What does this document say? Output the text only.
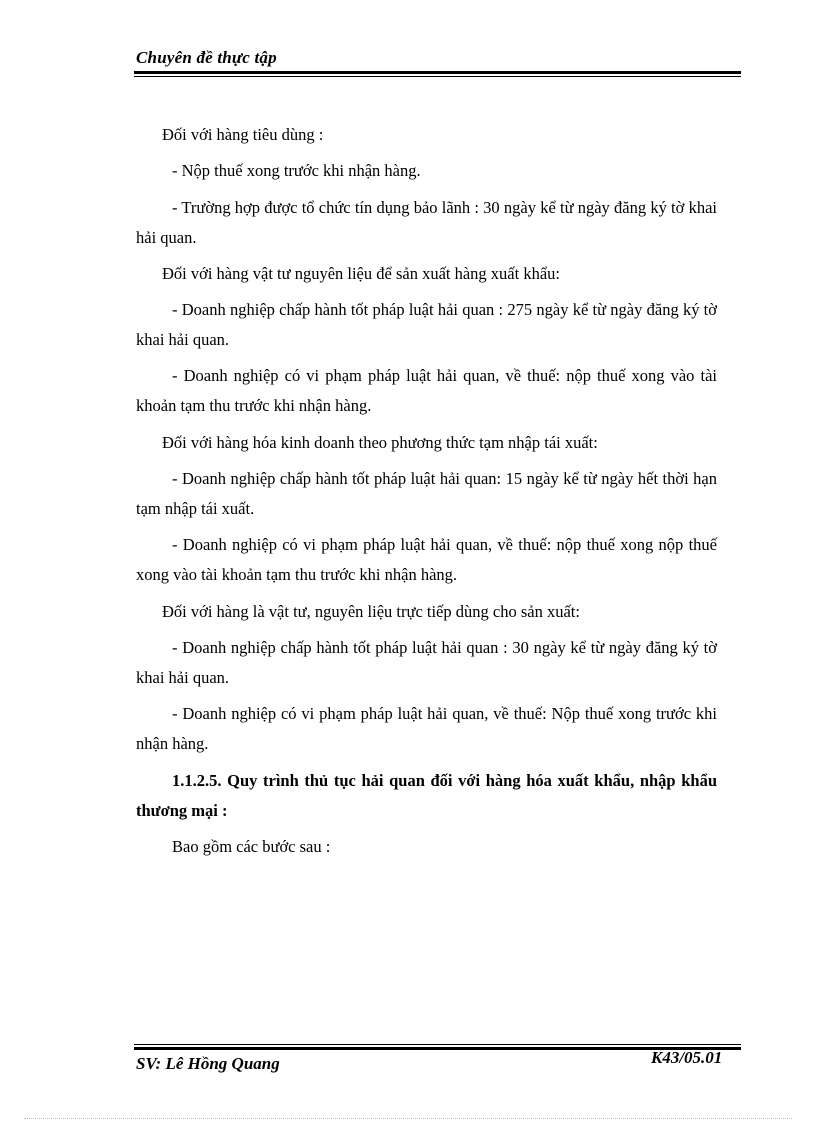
Chuyên đề thực tập

Đối với hàng tiêu dùng :

- Nộp thuế xong trước khi nhận hàng.

- Trường hợp được tổ chức tín dụng bảo lãnh : 30 ngày kể từ ngày đăng ký tờ khai hải quan.

Đối với hàng vật tư nguyên liệu để sản xuất hàng xuất khẩu:

- Doanh nghiệp chấp hành tốt pháp luật hải quan : 275 ngày kể từ ngày đăng ký tờ khai hải quan.

- Doanh nghiệp có vi phạm pháp luật hải quan, về thuế: nộp thuế xong vào tài khoản tạm thu trước khi nhận hàng.

Đối với hàng hóa kinh doanh theo phương thức tạm nhập tái xuất:

- Doanh nghiệp chấp hành tốt pháp luật hải quan: 15 ngày kể từ ngày hết thời hạn tạm nhập tái xuất.

- Doanh nghiệp có vi phạm pháp luật hải quan, về thuế: nộp thuế xong nộp thuế xong vào tài khoản tạm thu trước khi nhận hàng.

Đối với hàng là vật tư, nguyên liệu trực tiếp dùng cho sản xuất:

- Doanh nghiệp chấp hành tốt pháp luật hải quan : 30 ngày kể từ ngày đăng ký tờ khai hải quan.

- Doanh nghiệp có vi phạm pháp luật hải quan, về thuế: Nộp thuế xong trước khi nhận hàng.

1.1.2.5. Quy trình thủ tục hải quan đối với hàng hóa xuất khẩu, nhập khẩu thương mại :

Bao gồm các bước sau :

SV: Lê Hồng Quang	K43/05.01
